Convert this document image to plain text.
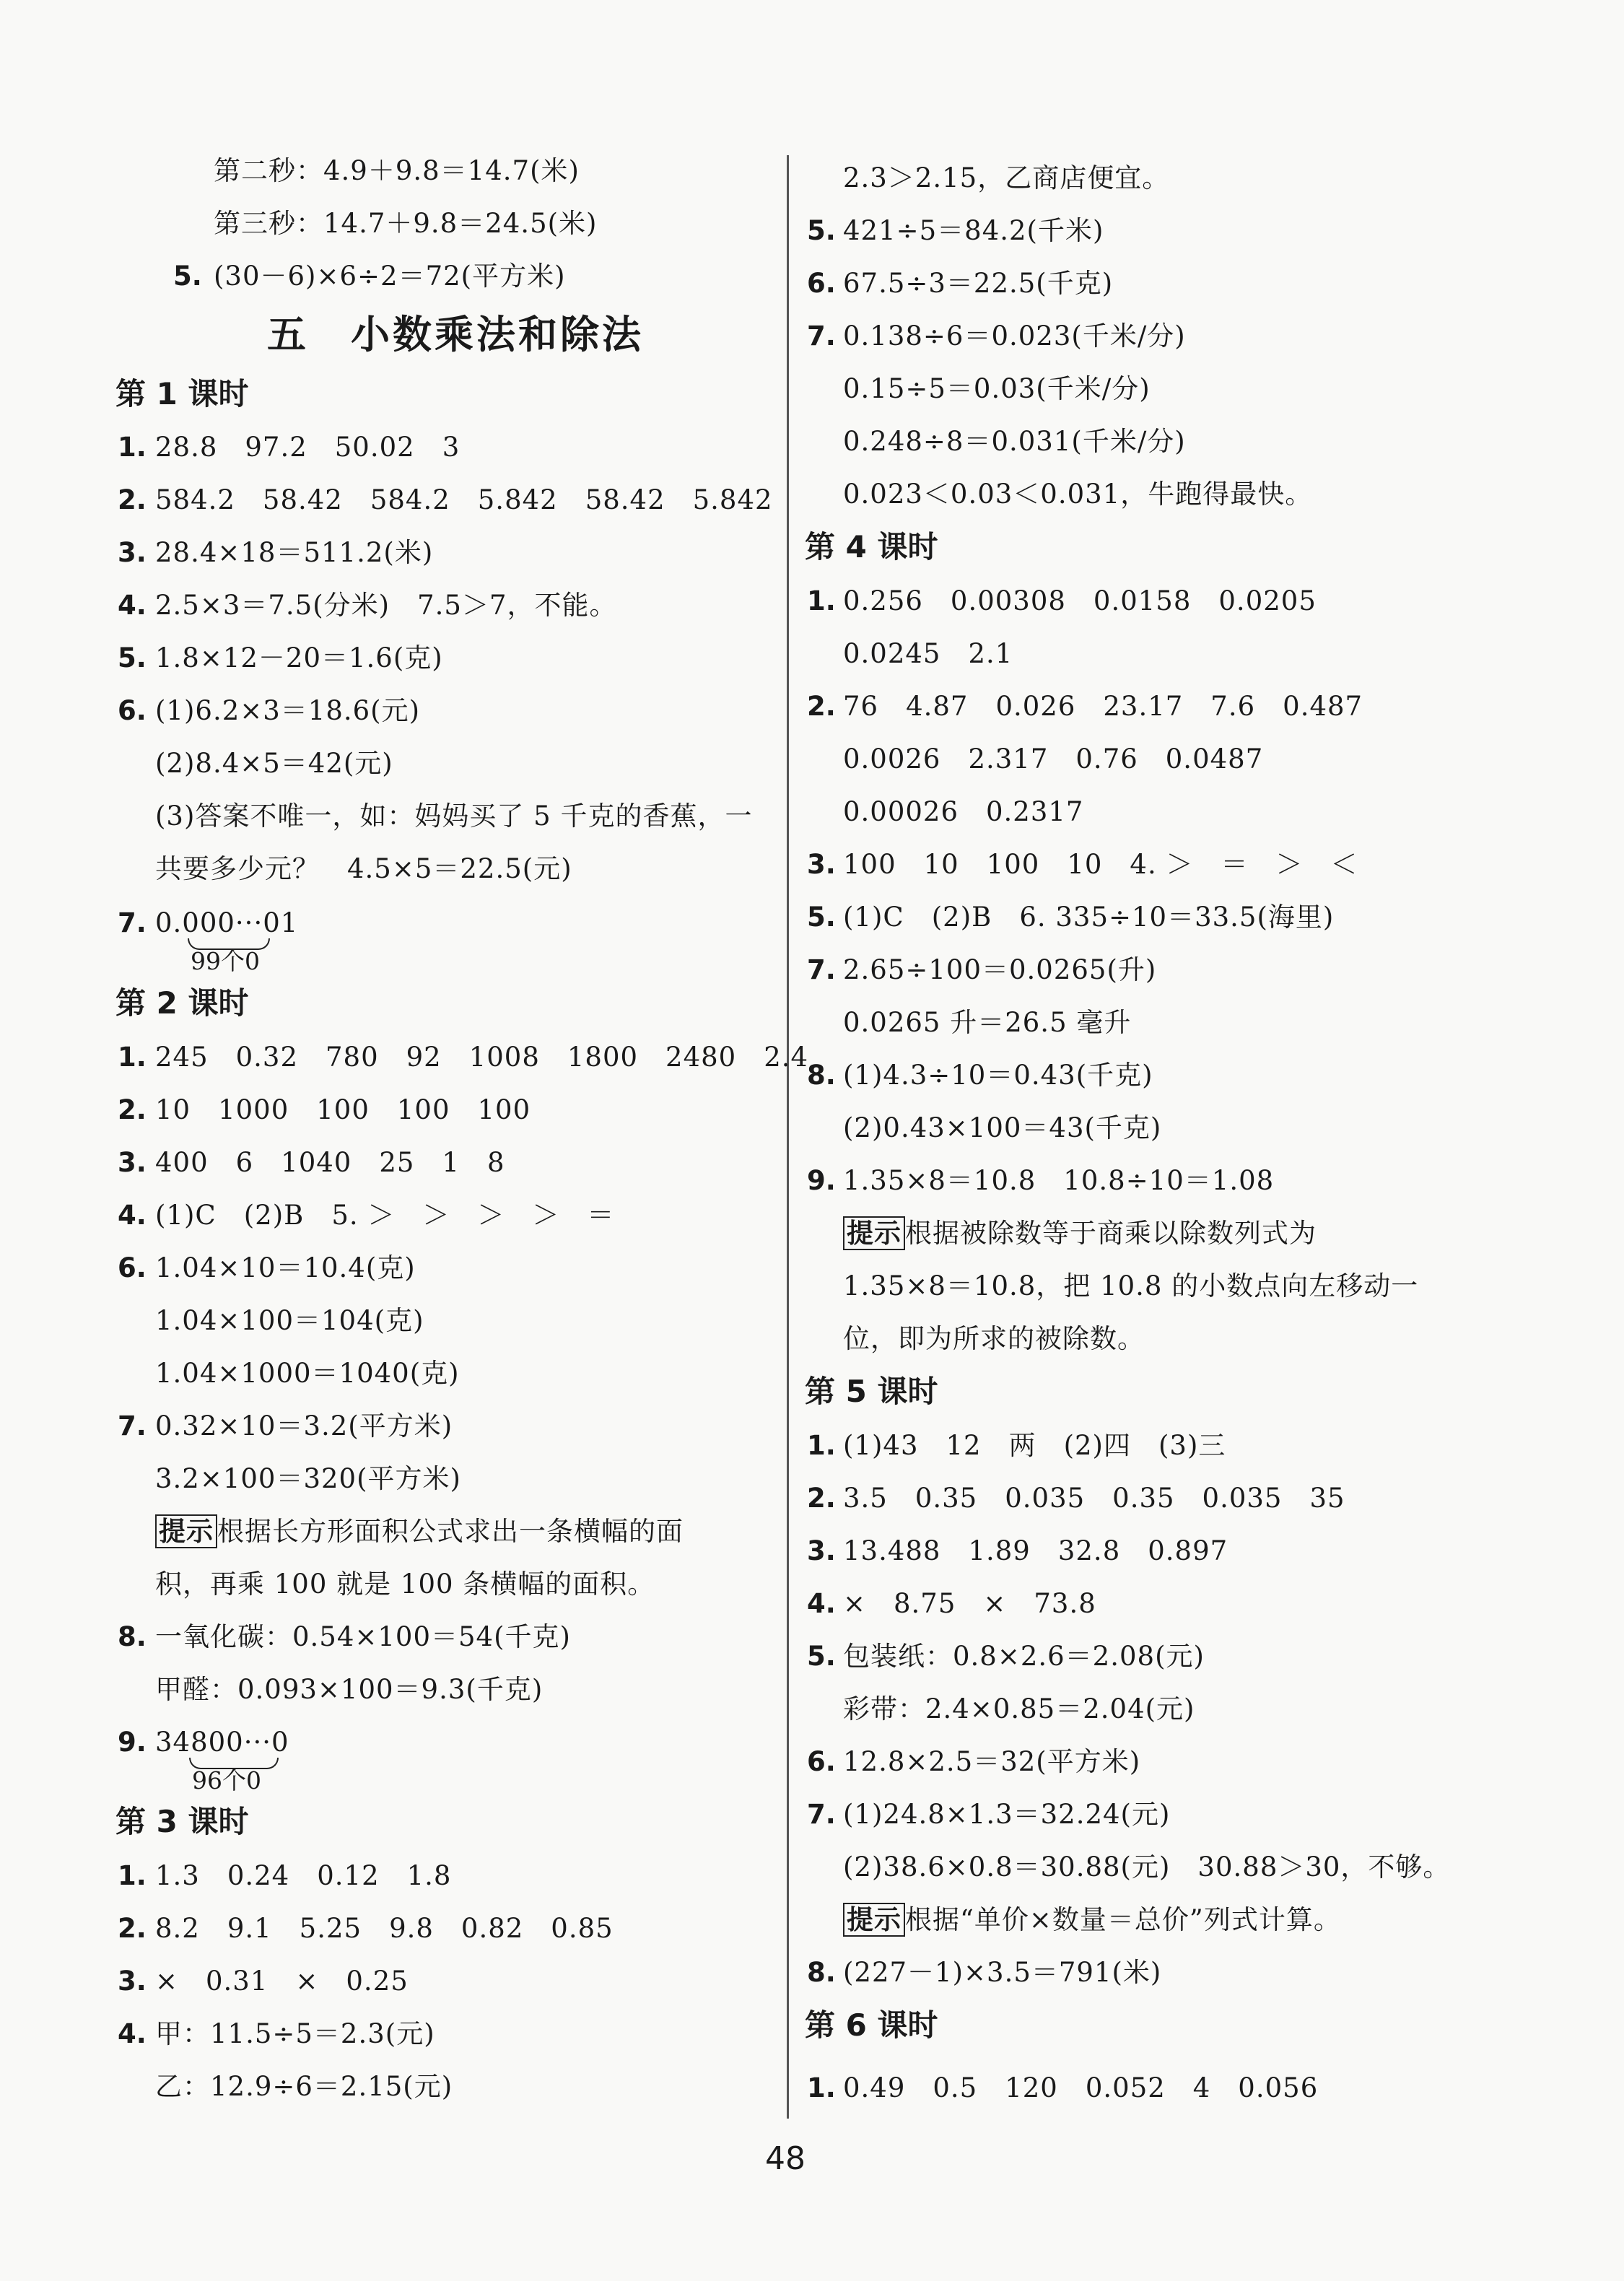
第二秒：4.9＋9.8＝14.7(米)
第三秒：14.7＋9.8＝24.5(米)
5. (30－6)×6÷2＝72(平方米)
五　小数乘法和除法
第 1 课时
1. 28.8　97.2　50.02　3
2. 584.2　58.42　584.2　5.842　58.42　5.842
3. 28.4×18＝511.2(米)
4. 2.5×3＝7.5(分米)　7.5＞7，不能。
5. 1.8×12－20＝1.6(克)
6. (1)6.2×3＝18.6(元)
(2)8.4×5＝42(元)
(3)答案不唯一，如：妈妈买了 5 千克的香蕉，一
共要多少元？　4.5×5＝22.5(元)
7. 0.000···01
99个0
第 2 课时
1. 245　0.32　780　92　1008　1800　2480　2.4
2. 10　1000　100　100　100
3. 400　6　1040　25　1　8
4. (1)C　(2)B　5. ＞　＞　＞　＞　＝
6. 1.04×10＝10.4(克)
1.04×100＝104(克)
1.04×1000＝1040(克)
7. 0.32×10＝3.2(平方米)
3.2×100＝320(平方米)
提示 根据长方形面积公式求出一条横幅的面
积，再乘 100 就是 100 条横幅的面积。
8. 一氧化碳：0.54×100＝54(千克)
甲醛：0.093×100＝9.3(千克)
9. 34800···0
96个0
第 3 课时
1. 1.3　0.24　0.12　1.8
2. 8.2　9.1　5.25　9.8　0.82　0.85
3. ×　0.31　×　0.25
4. 甲：11.5÷5＝2.3(元)
乙：12.9÷6＝2.15(元)
2.3＞2.15，乙商店便宜。
5. 421÷5＝84.2(千米)
6. 67.5÷3＝22.5(千克)
7. 0.138÷6＝0.023(千米/分)
0.15÷5＝0.03(千米/分)
0.248÷8＝0.031(千米/分)
0.023＜0.03＜0.031，牛跑得最快。
第 4 课时
1. 0.256　0.00308　0.0158　0.0205
0.0245　2.1
2. 76　4.87　0.026　23.17　7.6　0.487
0.0026　2.317　0.76　0.0487
0.00026　0.2317
3. 100　10　100　10　4. ＞　＝　＞　＜
5. (1)C　(2)B　6. 335÷10＝33.5(海里)
7. 2.65÷100＝0.0265(升)
0.0265 升＝26.5 毫升
8. (1)4.3÷10＝0.43(千克)
(2)0.43×100＝43(千克)
9. 1.35×8＝10.8　10.8÷10＝1.08
提示 根据被除数等于商乘以除数列式为
1.35×8＝10.8，把 10.8 的小数点向左移动一
位，即为所求的被除数。
第 5 课时
1. (1)43　12　两　(2)四　(3)三
2. 3.5　0.35　0.035　0.35　0.035　35
3. 13.488　1.89　32.8　0.897
4. ×　8.75　×　73.8
5. 包装纸：0.8×2.6＝2.08(元)
彩带：2.4×0.85＝2.04(元)
6. 12.8×2.5＝32(平方米)
7. (1)24.8×1.3＝32.24(元)
(2)38.6×0.8＝30.88(元)　30.88＞30，不够。
提示 根据“单价×数量＝总价”列式计算。
8. (227－1)×3.5＝791(米)
第 6 课时
1. 0.49　0.5　120　0.052　4　0.056
48
